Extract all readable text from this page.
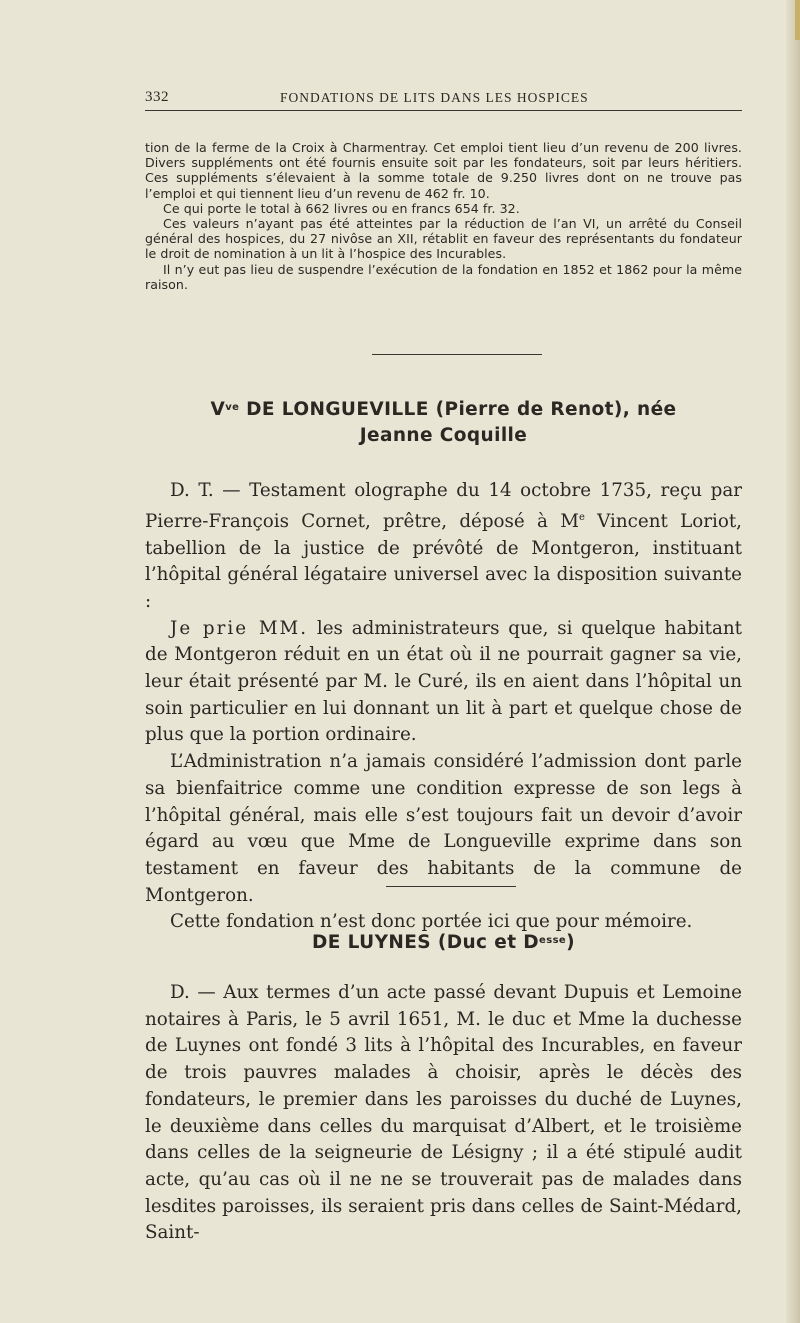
332	FONDATIONS DE LITS DANS LES HOSPICES

tion de la ferme de la Croix à Charmentray. Cet emploi tient lieu d’un revenu de 200 livres. Divers suppléments ont été fournis ensuite soit par les fondateurs, soit par leurs héritiers. Ces suppléments s’élevaient à la somme totale de 9.250 livres dont on ne trouve pas l’emploi et qui tiennent lieu d’un revenu de 462 fr. 10.

Ce qui porte le total à 662 livres ou en francs 654 fr. 32.

Ces valeurs n’ayant pas été atteintes par la réduction de l’an VI, un arrêté du Conseil général des hospices, du 27 nivôse an XII, rétablit en faveur des représentants du fondateur le droit de nomination à un lit à l’hospice des Incurables.

Il n’y eut pas lieu de suspendre l’exécution de la fondation en 1852 et 1862 pour la même raison.

$V^{ve}$ DE LONGUEVILLE (Pierre de Renot), née
Jeanne Coquille

D. T. — Testament olographe du 14 octobre 1735, reçu par Pierre-François Cornet, prêtre, déposé à Me Vincent Loriot, tabellion de la justice de prévôté de Montgeron, instituant l’hôpital général légataire universel avec la disposition suivante :

Je prie MM. les administrateurs que, si quelque habitant de Montgeron réduit en un état où il ne pourrait gagner sa vie, leur était présenté par M. le Curé, ils en aient dans l’hôpital un soin particulier en lui donnant un lit à part et quelque chose de plus que la portion ordinaire.

L’Administration n’a jamais considéré l’admission dont parle sa bienfaitrice comme une condition expresse de son legs à l’hôpital général, mais elle s’est toujours fait un devoir d’avoir égard au vœu que Mme de Longueville exprime dans son testament en faveur des habitants de la commune de Montgeron.

Cette fondation n’est donc portée ici que pour mémoire.

DE LUYNES (Duc et $D^{esse}$)

D. — Aux termes d’un acte passé devant Dupuis et Lemoine notaires à Paris, le 5 avril 1651, M. le duc et Mme la duchesse de Luynes ont fondé 3 lits à l’hôpital des Incurables, en faveur de trois pauvres malades à choisir, après le décès des fondateurs, le premier dans les paroisses du duché de Luynes, le deuxième dans celles du marquisat d’Albert, et le troisième dans celles de la seigneurie de Lésigny ; il a été stipulé audit acte, qu’au cas où il ne ne se trouverait pas de malades dans lesdites paroisses, ils seraient pris dans celles de Saint-Médard, Saint-
